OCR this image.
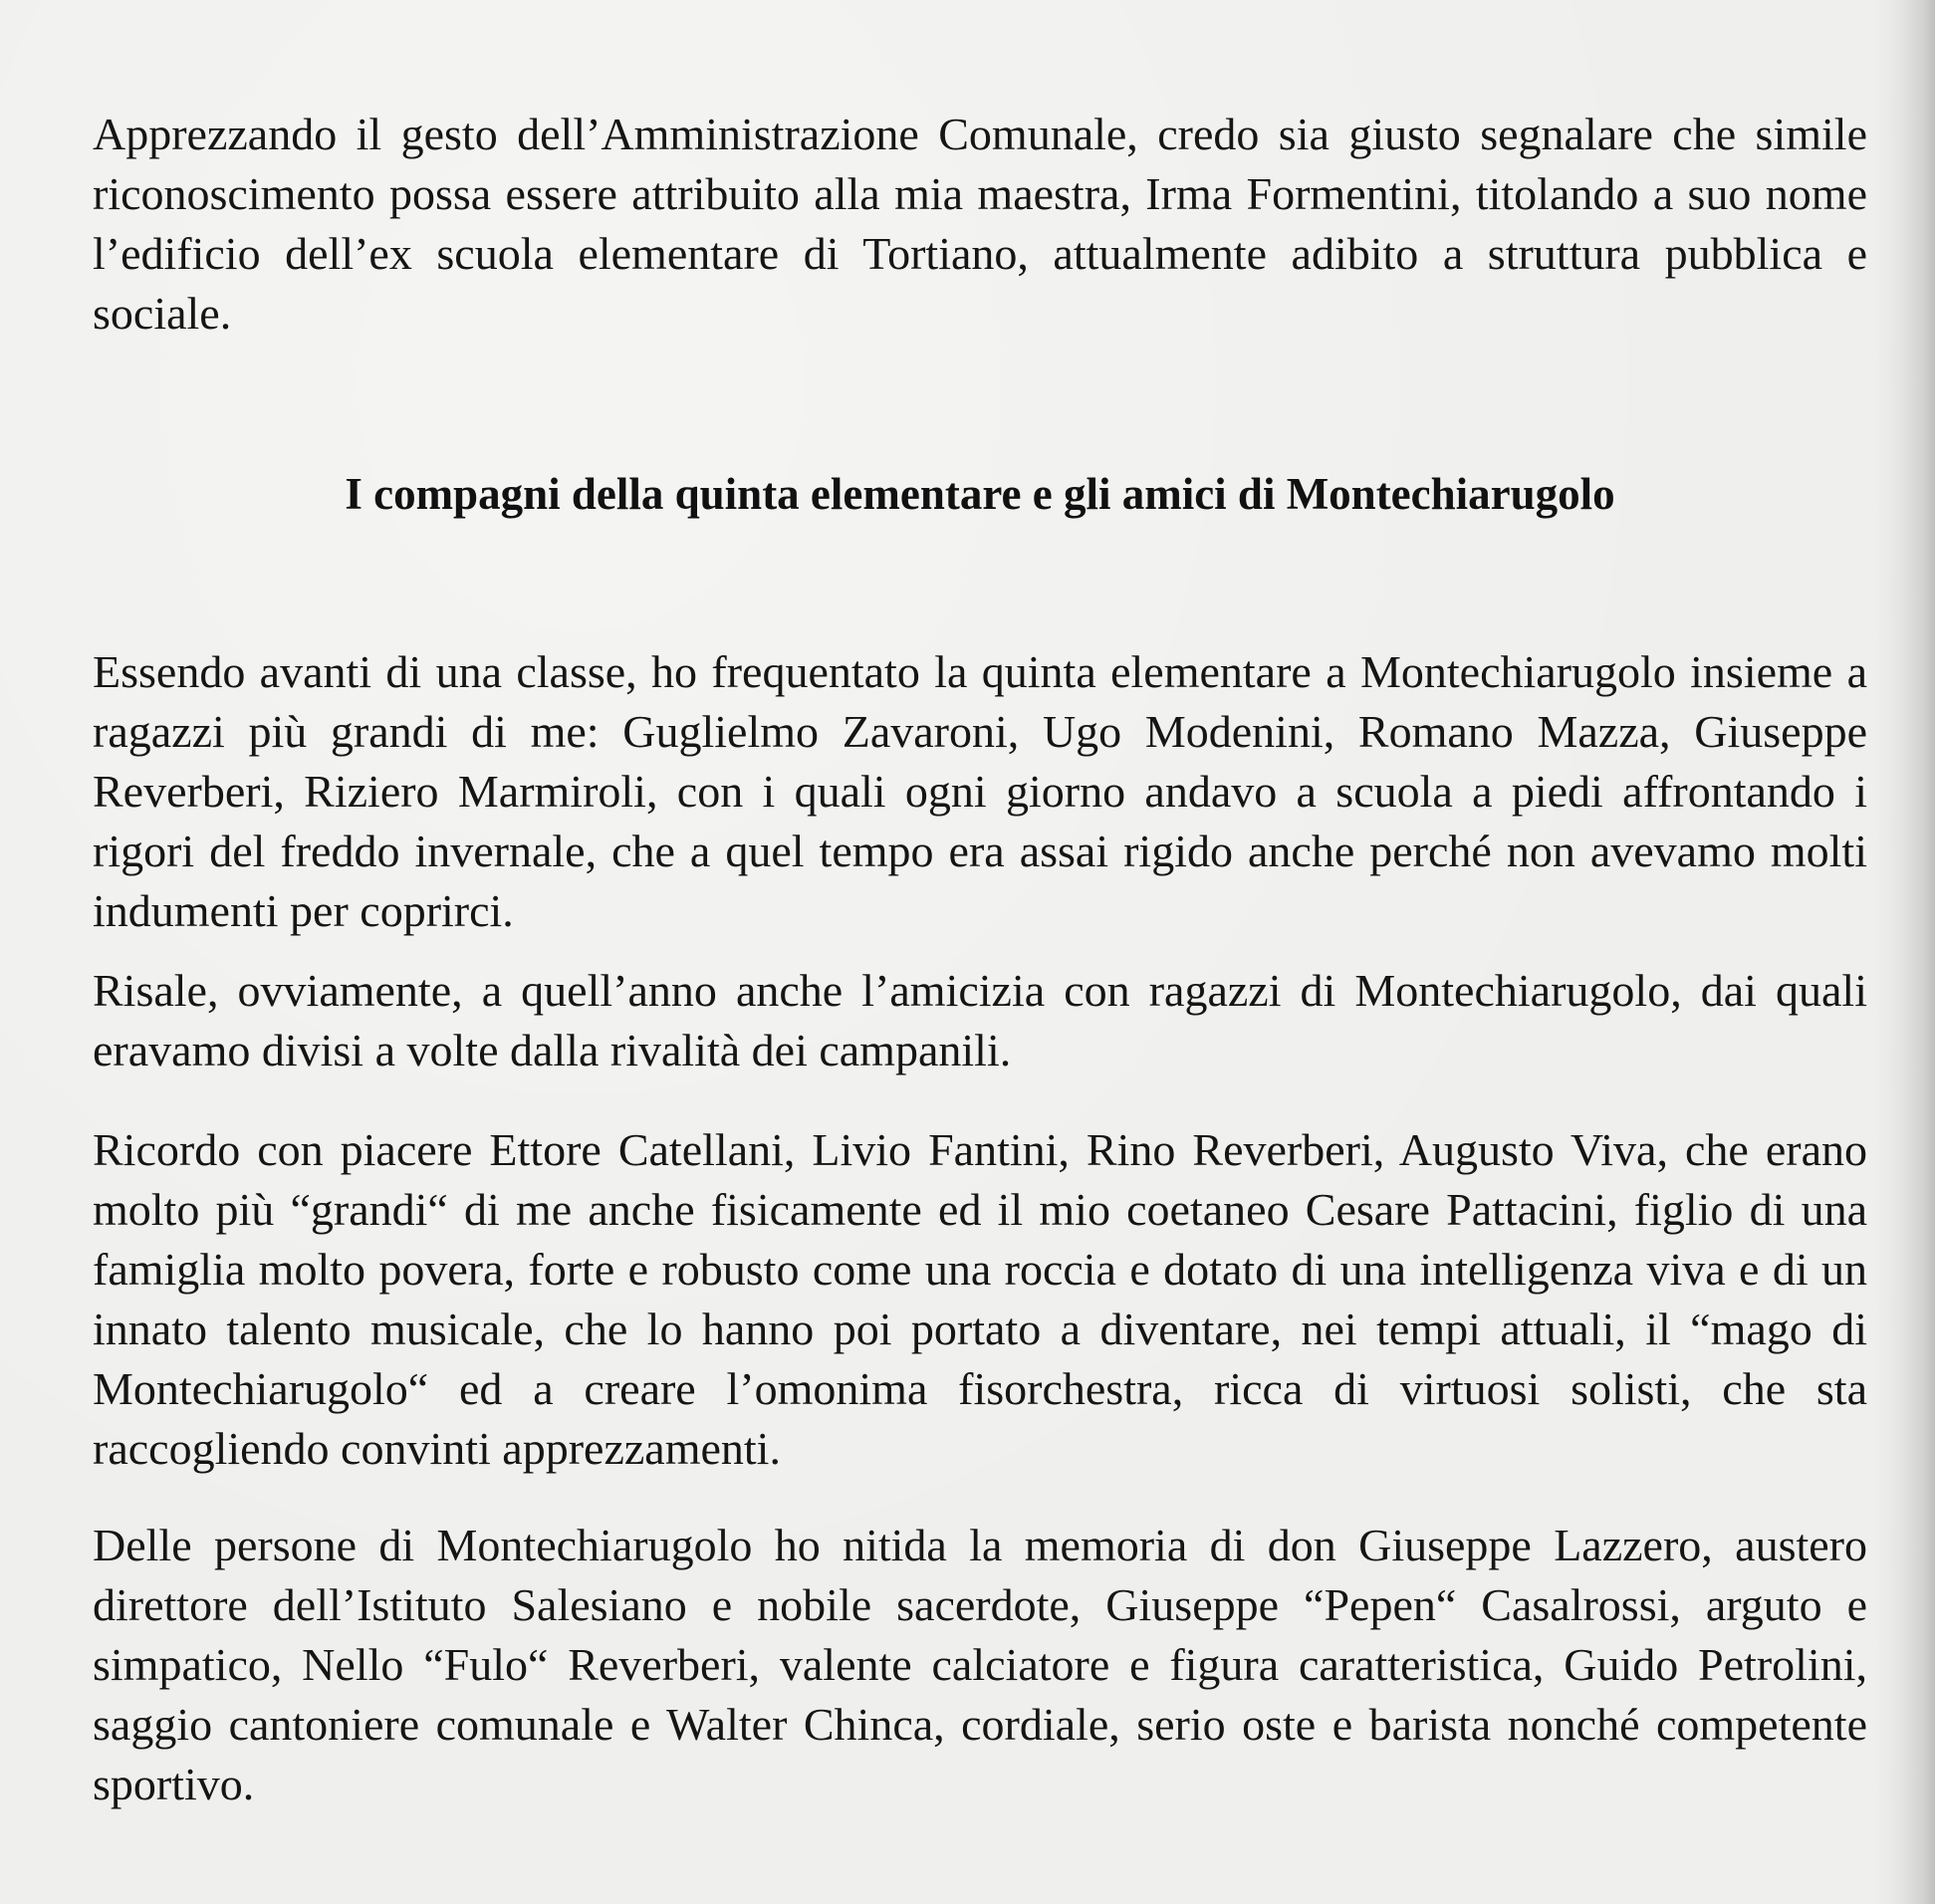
Apprezzando il gesto dell’Amministrazione Comunale, credo sia giusto segnalare che simile riconoscimento possa essere attribuito alla mia maestra, Irma Formentini, titolando a suo nome l’edificio dell’ex scuola elementare di Tortiano, attualmente adibito a struttura pubblica e sociale.

I compagni della quinta elementare e gli amici di Montechiarugolo

Essendo avanti di una classe, ho frequentato la quinta elementare a Montechiarugolo insieme a ragazzi più grandi di me: Guglielmo Zavaroni, Ugo Modenini, Romano Mazza, Giuseppe Reverberi, Riziero Marmiroli, con i quali ogni giorno andavo a scuola a piedi affrontando i rigori del freddo invernale, che a quel tempo era assai rigido anche perché non avevamo molti indumenti per coprirci.

Risale, ovviamente, a quell’anno anche l’amicizia con ragazzi di Montechiarugolo, dai quali eravamo divisi a volte dalla rivalità dei campanili.

Ricordo con piacere Ettore Catellani, Livio Fantini, Rino Reverberi, Augusto Viva, che erano molto più “grandi“ di me anche fisicamente ed il mio coetaneo Cesare Pattacini, figlio di una famiglia molto povera, forte e robusto come una roccia e dotato di una intelligenza viva e di un innato talento musicale, che lo hanno poi portato a diventare, nei tempi attuali, il “mago di Montechiarugolo“ ed a creare l’omonima fisorchestra, ricca di virtuosi solisti, che sta raccogliendo convinti apprezzamenti.

Delle persone di Montechiarugolo ho nitida la memoria di don Giuseppe Lazzero, austero direttore dell’Istituto Salesiano e nobile sacerdote, Giuseppe “Pepen“ Casalrossi, arguto e simpatico, Nello “Fulo“ Reverberi, valente calciatore e figura caratteristica, Guido Petrolini, saggio cantoniere comunale e Walter Chinca, cordiale, serio oste e barista nonché competente sportivo.
